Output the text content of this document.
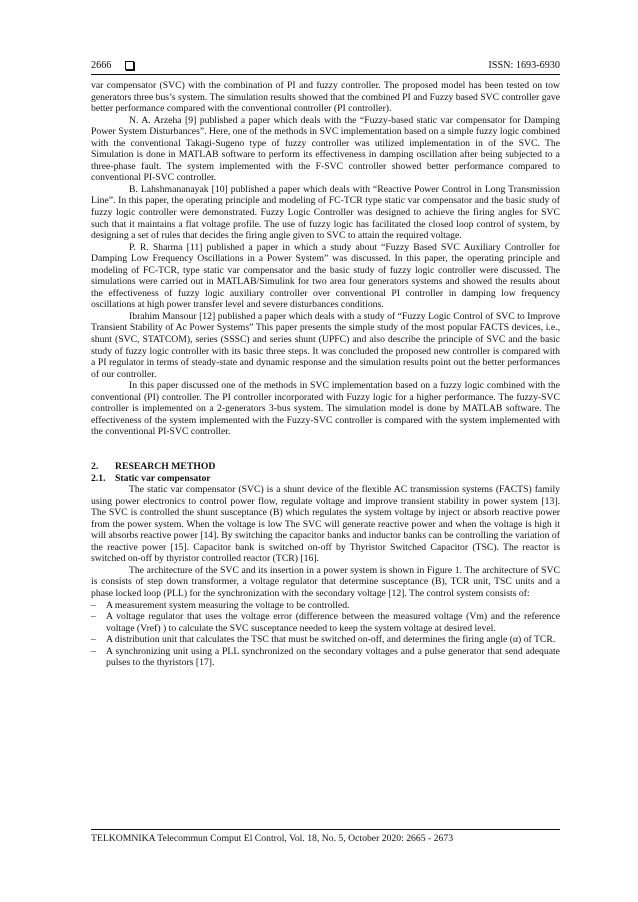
2666	ISSN: 1693-6930

var compensator (SVC) with the combination of PI and fuzzy controller. The proposed model has been tested on tow generators three bus’s system. The simulation results showed that the combined PI and Fuzzy based SVC controller gave better performance compared with the conventional controller (PI controller).

N. A. Arzeha [9] published a paper which deals with the “Fuzzy-based static var compensator for Damping Power System Disturbances”. Here, one of the methods in SVC implementation based on a simple fuzzy logic combined with the conventional Takagi-Sugeno type of fuzzy controller was utilized implementation in of the SVC. The Simulation is done in MATLAB software to perform its effectiveness in damping oscillation after being subjected to a three-phase fault. The system implemented with the F-SVC controller showed better performance compared to conventional PI-SVC controller.

B. Lahshmananayak [10] published a paper which deals with “Reactive Power Control in Long Transmission Line”. In this paper, the operating principle and modeling of FC-TCR type static var compensator and the basic study of fuzzy logic controller were demonstrated. Fuzzy Logic Controller was designed to achieve the firing angles for SVC such that it maintains a flat voltage profile. The use of fuzzy logic has facilitated the closed loop control of system, by designing a set of rules that decides the firing angle given to SVC to attain the required voltage.

P. R. Sharma [11] published a paper in which a study about “Fuzzy Based SVC Auxiliary Controller for Damping Low Frequency Oscillations in a Power System” was discussed. In this paper, the operating principle and modeling of FC-TCR, type static var compensator and the basic study of fuzzy logic controller were discussed. The simulations were carried out in MATLAB/Simulink for two area four generators systems and showed the results about the effectiveness of fuzzy logic auxiliary controller over conventional PI controller in damping low frequency oscillations at high power transfer level and severe disturbances conditions.

Ibrahim Mansour [12] published a paper which deals with a study of “Fuzzy Logic Control of SVC to Improve Transient Stability of Ac Power Systems” This paper presents the simple study of the most popular FACTS devices, i.e., shunt (SVC, STATCOM), series (SSSC) and series shunt (UPFC) and also describe the principle of SVC and the basic study of fuzzy logic controller with its basic three steps. It was concluded the proposed new controller is compared with a PI regulator in terms of steady-state and dynamic response and the simulation results point out the better performances of our controller.

In this paper discussed one of the methods in SVC implementation based on a fuzzy logic combined with the conventional (PI) controller. The PI controller incorporated with Fuzzy logic for a higher performance. The fuzzy-SVC controller is implemented on a 2-generators 3-bus system. The simulation model is done by MATLAB software. The effectiveness of the system implemented with the Fuzzy-SVC controller is compared with the system implemented with the conventional PI-SVC controller.

2. RESEARCH METHOD

2.1. Static var compensator

The static var compensator (SVC) is a shunt device of the flexible AC transmission systems (FACTS) family using power electronics to control power flow, regulate voltage and improve transient stability in power system [13]. The SVC is controlled the shunt susceptance (B) which regulates the system voltage by inject or absorb reactive power from the power system. When the voltage is low The SVC will generate reactive power and when the voltage is high it will absorbs reactive power [14]. By switching the capacitor banks and inductor banks can be controlling the variation of the reactive power [15]. Capacitor bank is switched on-off by Thyristor Switched Capacitor (TSC). The reactor is switched on-off by thyristor controlled reactor (TCR) [16].

The architecture of the SVC and its insertion in a power system is shown in Figure 1. The architecture of SVC is consists of step down transformer, a voltage regulator that determine susceptance (B), TCR unit, TSC units and a phase locked loop (PLL) for the synchronization with the secondary voltage [12]. The control system consists of:

– A measurement system measuring the voltage to be controlled.
– A voltage regulator that uses the voltage error (difference between the measured voltage (Vm) and the reference voltage (Vref) ) to calculate the SVC susceptance needed to keep the system voltage at desired level.
– A distribution unit that calculates the TSC that must be switched on-off, and determines the firing angle (α) of TCR.
– A synchronizing unit using a PLL synchronized on the secondary voltages and a pulse generator that send adequate pulses to the thyristors [17].
TELKOMNIKA Telecommun Comput El Control, Vol. 18, No. 5, October 2020: 2665 - 2673
